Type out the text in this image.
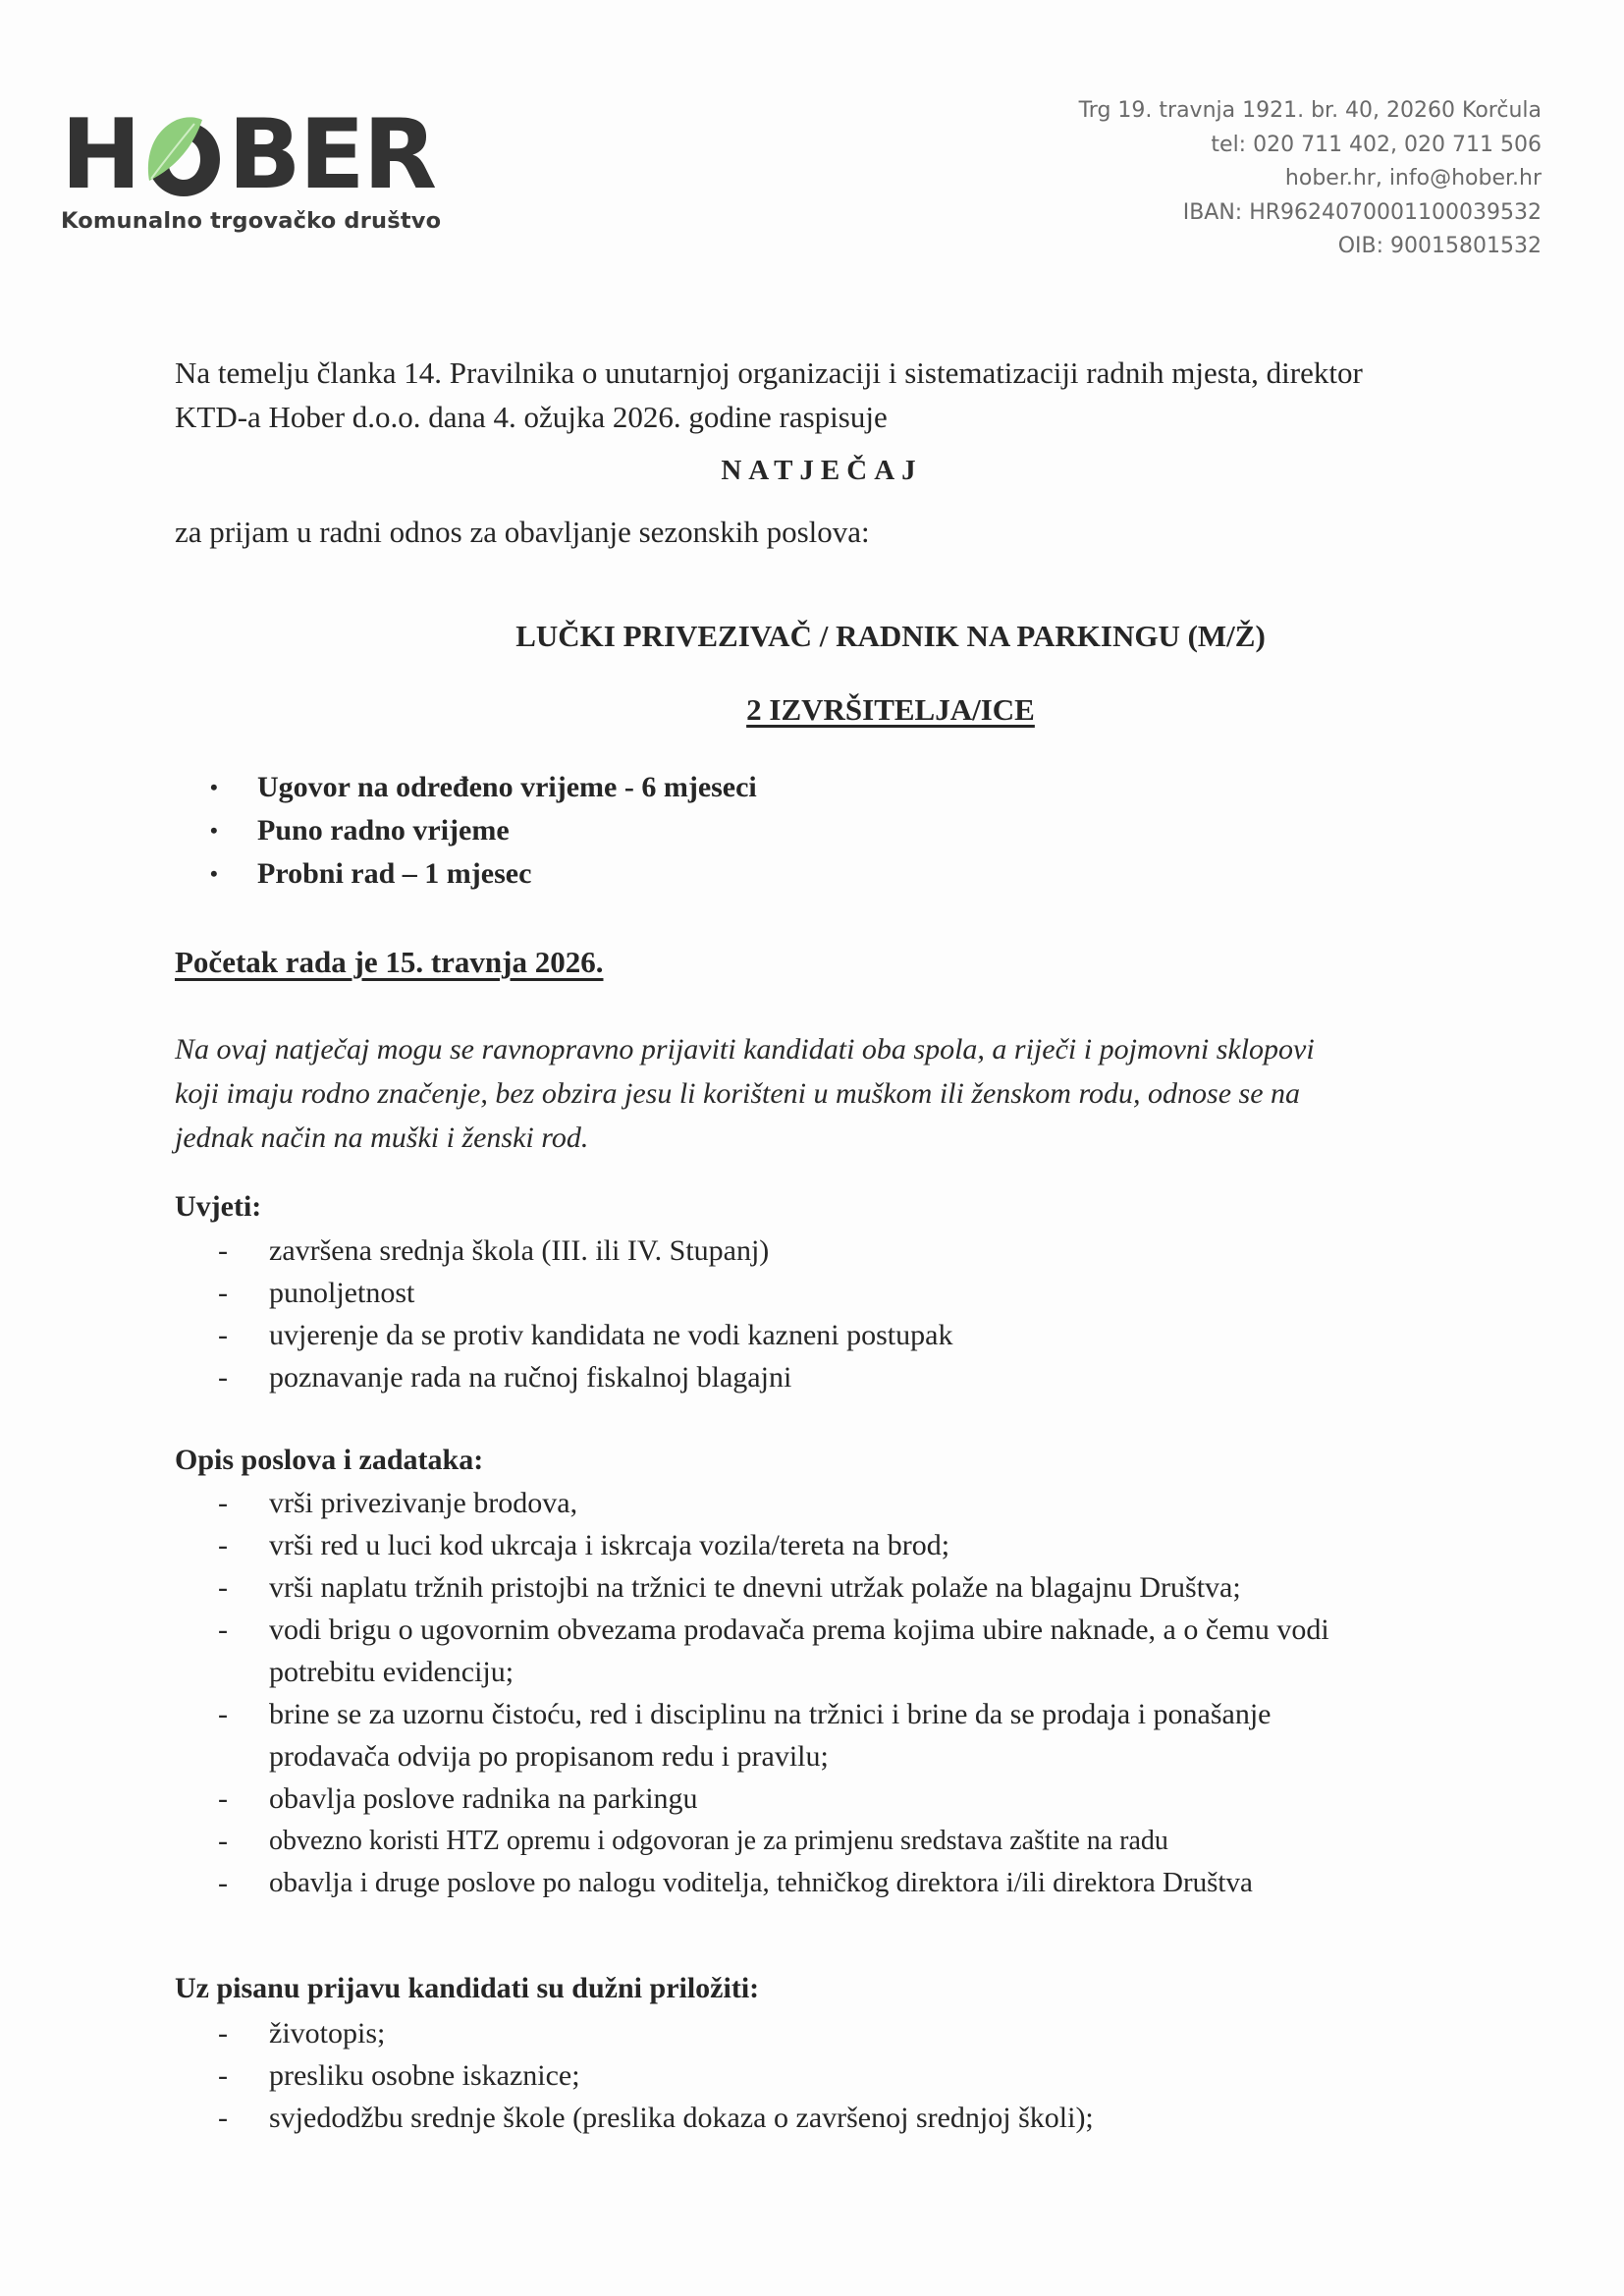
H BER
Komunalno trgovačko društvo
Trg 19. travnja 1921. br. 40, 20260 Korčula
tel: 020 711 402, 020 711 506
hober.hr, info@hober.hr
IBAN: HR9624070001100039532
OIB: 90015801532
Na temelju članka 14. Pravilnika o unutarnjoj organizaciji i sistematizaciji radnih mjesta, direktor
KTD-a Hober d.o.o. dana 4. ožujka 2026. godine raspisuje
NATJEČAJ
za prijam u radni odnos za obavljanje sezonskih poslova:
LUČKI PRIVEZIVAČ / RADNIK NA PARKINGU (M/Ž)
2 IZVRŠITELJA/ICE
• Ugovor na određeno vrijeme - 6 mjeseci
• Puno radno vrijeme
• Probni rad – 1 mjesec
Početak rada je 15. travnja 2026.
Na ovaj natječaj mogu se ravnopravno prijaviti kandidati oba spola, a riječi i pojmovni sklopovi
koji imaju rodno značenje, bez obzira jesu li korišteni u muškom ili ženskom rodu, odnose se na
jednak način na muški i ženski rod.
Uvjeti:
- završena srednja škola (III. ili IV. Stupanj)
- punoljetnost
- uvjerenje da se protiv kandidata ne vodi kazneni postupak
- poznavanje rada na ručnoj fiskalnoj blagajni
Opis poslova i zadataka:
- vrši privezivanje brodova,
- vrši red u luci kod ukrcaja i iskrcaja vozila/tereta na brod;
- vrši naplatu tržnih pristojbi na tržnici te dnevni utržak polaže na blagajnu Društva;
- vodi brigu o ugovornim obvezama prodavača prema kojima ubire naknade, a o čemu vodi
potrebitu evidenciju;
- brine se za uzornu čistoću, red i disciplinu na tržnici i brine da se prodaja i ponašanje
prodavača odvija po propisanom redu i pravilu;
- obavlja poslove radnika na parkingu
- obvezno koristi HTZ opremu i odgovoran je za primjenu sredstava zaštite na radu
- obavlja i druge poslove po nalogu voditelja, tehničkog direktora i/ili direktora Društva
Uz pisanu prijavu kandidati su dužni priložiti:
- životopis;
- presliku osobne iskaznice;
- svjedodžbu srednje škole (preslika dokaza o završenoj srednjoj školi);
